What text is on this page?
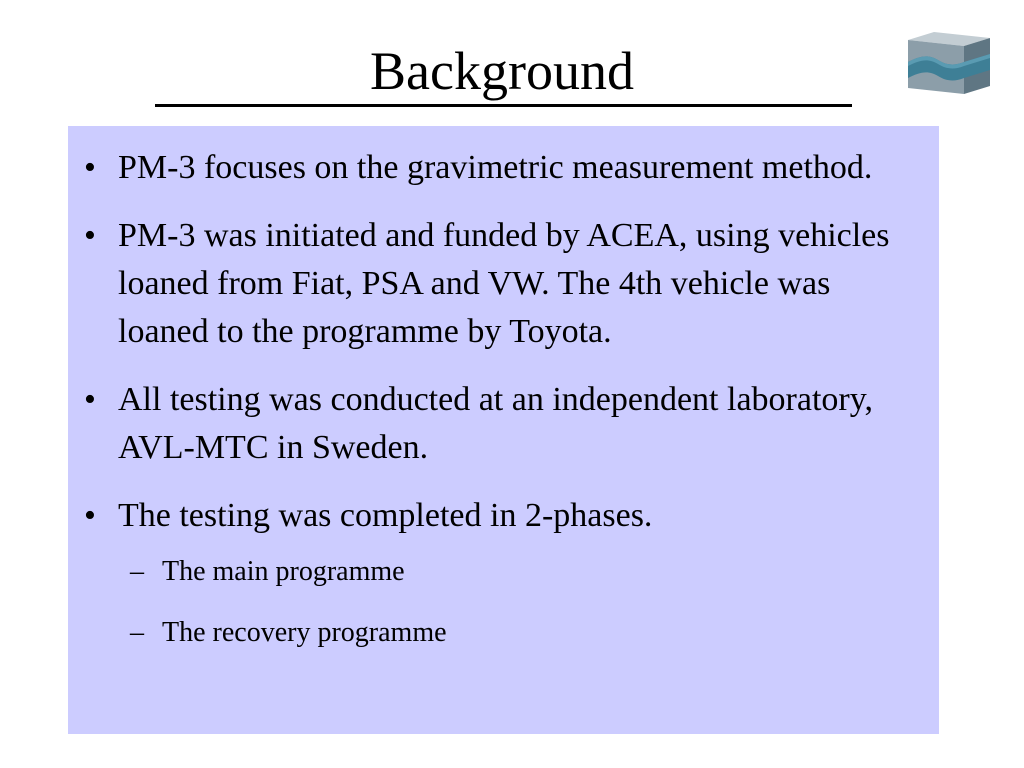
Background
• PM-3 focuses on the gravimetric measurement method.
• PM-3 was initiated and funded by ACEA, using vehicles loaned from Fiat, PSA and VW. The 4th vehicle was loaned to the programme by Toyota.
• All testing was conducted at an independent laboratory, AVL-MTC in Sweden.
• The testing was completed in 2-phases.
– The main programme
– The recovery programme
